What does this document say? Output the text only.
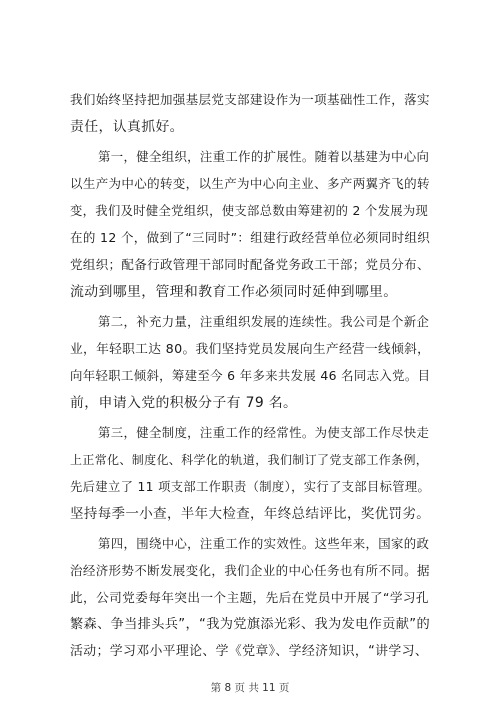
我们始终坚持把加强基层党支部建设作为一项基础性工作，落实
责任，认真抓好。
第一，健全组织，注重工作的扩展性。随着以基建为中心向
以生产为中心的转变，以生产为中心向主业、多产两翼齐飞的转
变，我们及时健全党组织，使支部总数由筹建初的 2 个发展为现
在的 12 个，做到了“三同时”：组建行政经营单位必须同时组织
党组织；配备行政管理干部同时配备党务政工干部；党员分布、
流动到哪里，管理和教育工作必须同时延伸到哪里。
第二，补充力量，注重组织发展的连续性。我公司是个新企
业，年轻职工达 80。我们坚持党员发展向生产经营一线倾斜，
向年轻职工倾斜，筹建至今 6 年多来共发展 46 名同志入党。目
前，申请入党的积极分子有 79 名。
第三，健全制度，注重工作的经常性。为使支部工作尽快走
上正常化、制度化、科学化的轨道，我们制订了党支部工作条例，
先后建立了 11 项支部工作职责（制度），实行了支部目标管理。
坚持每季一小查，半年大检查，年终总结评比，奖优罚劣。
第四，围绕中心，注重工作的实效性。这些年来，国家的政
治经济形势不断发展变化，我们企业的中心任务也有所不同。据
此，公司党委每年突出一个主题，先后在党员中开展了“学习孔
繁森、争当排头兵”，“我为党旗添光彩、我为发电作贡献”的
活动；学习邓小平理论、学《党章》、学经济知识，“讲学习、
第 8 页 共 11 页
